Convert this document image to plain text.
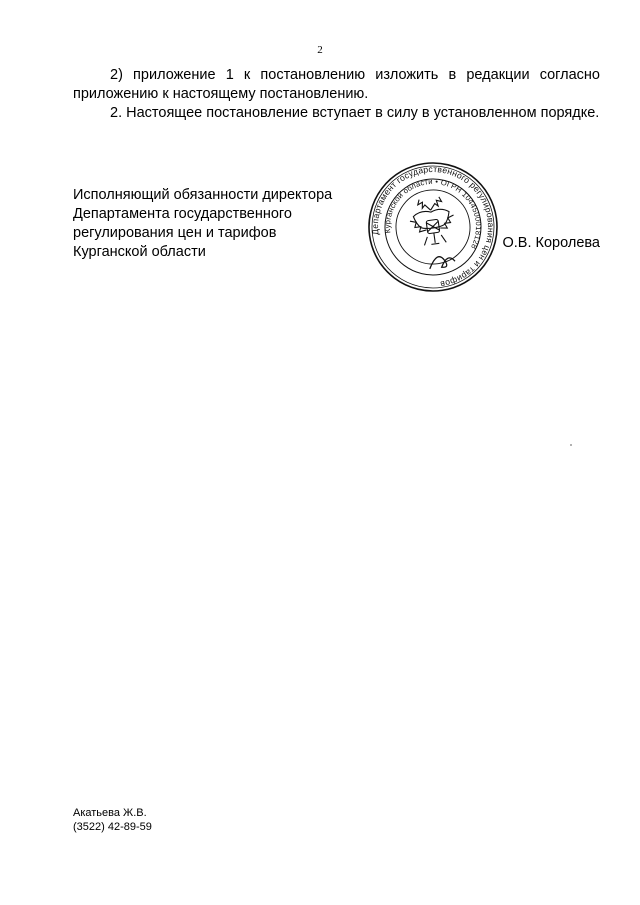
2

2) приложение 1 к постановлению изложить в редакции согласно приложению к настоящему постановлению.

2. Настоящее постановление вступает в силу в установленном порядке.

Исполняющий обязанности директора
Департамента государственного
регулирования цен и тарифов
Курганской области
Департамент государственного регулирования цен и тарифов
Курганской области • ОГРН 1044500018128	О.В. Королева
Акатьева Ж.В.
(3522) 42-89-59
